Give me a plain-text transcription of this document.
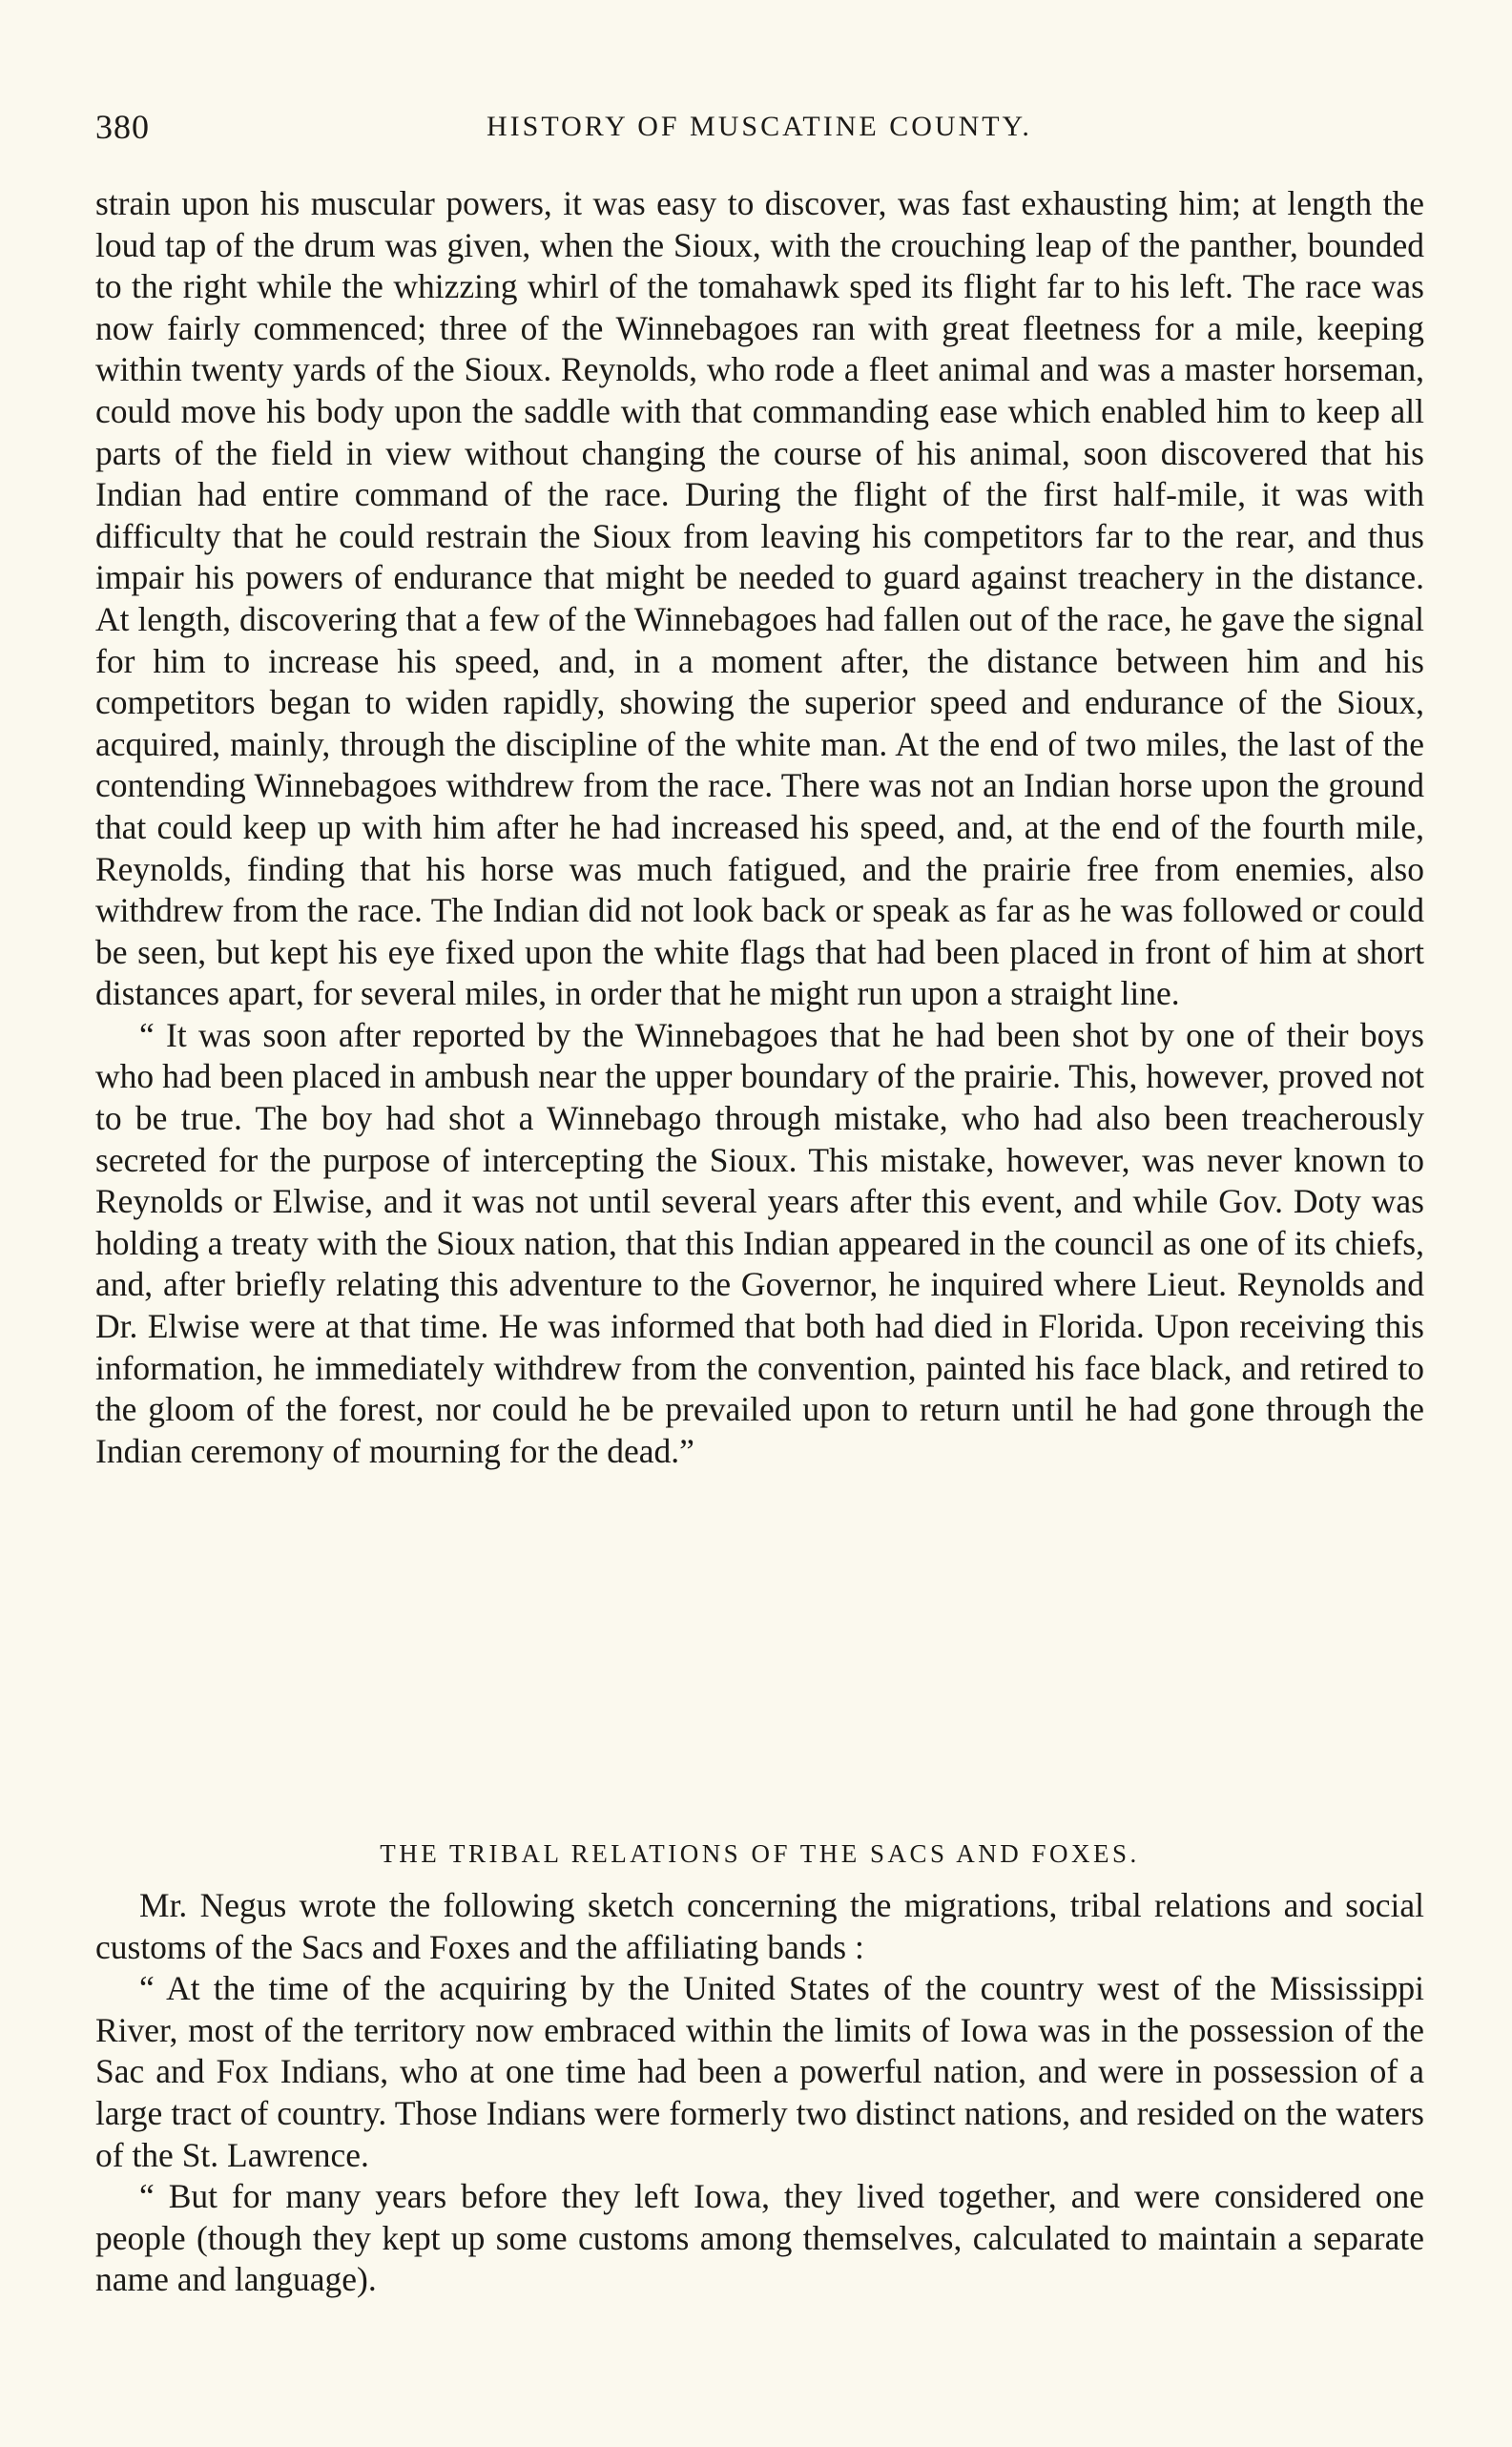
380	HISTORY OF MUSCATINE COUNTY.

strain upon his muscular powers, it was easy to discover, was fast exhausting him; at length the loud tap of the drum was given, when the Sioux, with the crouching leap of the panther, bounded to the right while the whizzing whirl of the tomahawk sped its flight far to his left. The race was now fairly commenced; three of the Winnebagoes ran with great fleetness for a mile, keeping within twenty yards of the Sioux. Reynolds, who rode a fleet animal and was a master horseman, could move his body upon the saddle with that commanding ease which enabled him to keep all parts of the field in view without changing the course of his animal, soon discovered that his Indian had entire command of the race. During the flight of the first half-mile, it was with difficulty that he could restrain the Sioux from leaving his competitors far to the rear, and thus impair his powers of endurance that might be needed to guard against treachery in the distance. At length, discovering that a few of the Winnebagoes had fallen out of the race, he gave the signal for him to increase his speed, and, in a moment after, the distance between him and his competitors began to widen rapidly, showing the superior speed and endurance of the Sioux, acquired, mainly, through the discipline of the white man. At the end of two miles, the last of the contending Winnebagoes withdrew from the race. There was not an Indian horse upon the ground that could keep up with him after he had increased his speed, and, at the end of the fourth mile, Reynolds, finding that his horse was much fatigued, and the prairie free from enemies, also withdrew from the race. The Indian did not look back or speak as far as he was followed or could be seen, but kept his eye fixed upon the white flags that had been placed in front of him at short distances apart, for several miles, in order that he might run upon a straight line.

“ It was soon after reported by the Winnebagoes that he had been shot by one of their boys who had been placed in ambush near the upper boundary of the prairie. This, however, proved not to be true. The boy had shot a Winnebago through mistake, who had also been treacherously secreted for the purpose of intercepting the Sioux. This mistake, however, was never known to Reynolds or Elwise, and it was not until several years after this event, and while Gov. Doty was holding a treaty with the Sioux nation, that this Indian appeared in the council as one of its chiefs, and, after briefly relating this adventure to the Governor, he inquired where Lieut. Reynolds and Dr. Elwise were at that time. He was informed that both had died in Florida. Upon receiving this information, he immediately withdrew from the convention, painted his face black, and retired to the gloom of the forest, nor could he be prevailed upon to return until he had gone through the Indian ceremony of mourning for the dead.”

THE TRIBAL RELATIONS OF THE SACS AND FOXES.

Mr. Negus wrote the following sketch concerning the migrations, tribal relations and social customs of the Sacs and Foxes and the affiliating bands :

“ At the time of the acquiring by the United States of the country west of the Mississippi River, most of the territory now embraced within the limits of Iowa was in the possession of the Sac and Fox Indians, who at one time had been a powerful nation, and were in possession of a large tract of country. Those Indians were formerly two distinct nations, and resided on the waters of the St. Lawrence.

“ But for many years before they left Iowa, they lived together, and were considered one people (though they kept up some customs among themselves, calculated to maintain a separate name and language).
